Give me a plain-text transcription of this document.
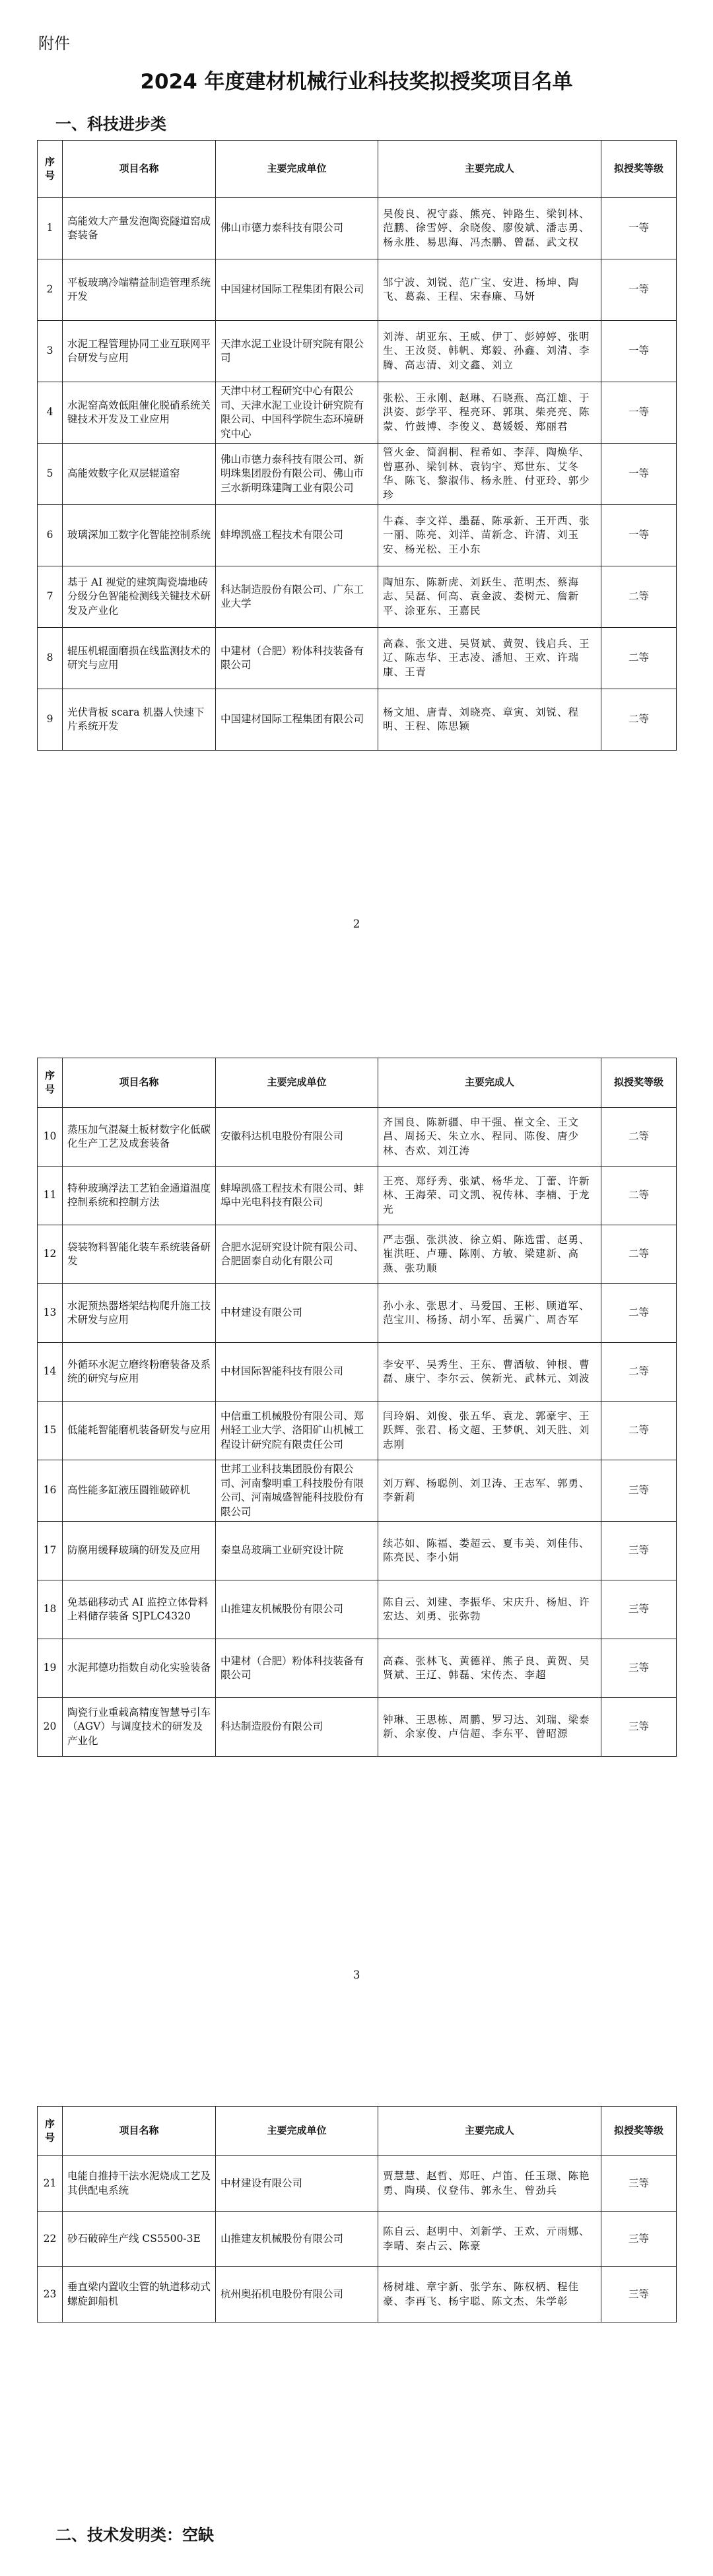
附件
2024 年度建材机械行业科技奖拟授奖项目名单
一、科技进步类
序号	项目名称	主要完成单位	主要完成人	拟授奖等级
1	高能效大产量发泡陶瓷隧道窑成套装备	佛山市德力泰科技有限公司	吴俊良、祝守淼、熊亮、钟路生、梁钊林、范鹏、徐雪婷、余晓俊、廖俊斌、潘志勇、杨永胜、易思海、冯杰鹏、曾磊、武文权	一等
2	平板玻璃冷端精益制造管理系统开发	中国建材国际工程集团有限公司	邹宁波、刘锐、范广宝、安进、杨坤、陶飞、葛淼、王程、宋春廉、马妍	一等
3	水泥工程管理协同工业互联网平台研发与应用	天津水泥工业设计研究院有限公司	刘涛、胡亚东、王威、伊丁、彭婷婷、张明生、王汝贤、韩帆、郑毅、孙鑫、刘清、李腾、高志清、刘文鑫、刘立	一等
4	水泥窑高效低阻催化脱硝系统关键技术开发及工业应用	天津中材工程研究中心有限公司、天津水泥工业设计研究院有限公司、中国科学院生态环境研究中心	张松、王永刚、赵琳、石晓燕、高江雄、于洪姿、彭学平、程亮环、郭琪、柴亮亮、陈蒙、竹鼓博、李俊义、葛媛媛、郑丽君	一等
5	高能效数字化双层辊道窑	佛山市德力泰科技有限公司、新明珠集团股份有限公司、佛山市三水新明珠建陶工业有限公司	管火金、简润桐、程希如、李萍、陶焕华、曾惠孙、梁钊林、袁钧宇、郑世东、艾冬华、陈飞、黎淑伟、杨永胜、付亚玲、郭少珍	一等
6	玻璃深加工数字化智能控制系统	蚌埠凯盛工程技术有限公司	牛森、李文祥、墨磊、陈承新、王开西、张一丽、陈亮、刘洋、苗新念、许清、刘玉安、杨光松、王小东	一等
7	基于 AI 视觉的建筑陶瓷墙地砖分级分色智能检测线关键技术研发及产业化	科达制造股份有限公司、广东工业大学	陶旭东、陈新虎、刘跃生、范明杰、蔡海志、吴磊、何高、袁金波、娄树元、詹新平、涂亚东、王嘉民	二等
8	辊压机辊面磨损在线监测技术的研究与应用	中建材（合肥）粉体科技装备有限公司	高森、张文进、吴贤斌、黄贺、钱启兵、王辽、陈志华、王志凌、潘旭、王欢、许瑞康、王青	二等
9	光伏背板 scara 机器人快速下片系统开发	中国建材国际工程集团有限公司	杨文旭、唐青、刘晓亮、章寅、刘锐、程明、王程、陈思颖	二等
2
序号	项目名称	主要完成单位	主要完成人	拟授奖等级
10	蒸压加气混凝土板材数字化低碳化生产工艺及成套装备	安徽科达机电股份有限公司	齐国良、陈新疆、申干强、崔文全、王文昌、周扬天、朱立水、程同、陈俊、唐少林、杏欢、刘江涛	二等
11	特种玻璃浮法工艺铂金通道温度控制系统和控制方法	蚌埠凯盛工程技术有限公司、蚌埠中光电科技有限公司	王亮、郑纾秀、张斌、杨华龙、丁蕾、许新林、王海荣、司文凯、祝传林、李楠、于龙光	二等
12	袋装物料智能化装车系统装备研发	合肥水泥研究设计院有限公司、合肥固泰自动化有限公司	严志强、张洪波、徐立娟、陈选雷、赵勇、崔洪旺、卢珊、陈刚、方敏、梁建新、高燕、张功顺	二等
13	水泥预热器塔架结构爬升施工技术研发与应用	中材建设有限公司	孙小永、张思才、马爱国、王彬、顾道军、范宝川、杨扬、胡小军、岳翼广、周杏军	二等
14	外循环水泥立磨终粉磨装备及系统的研究与应用	中材国际智能科技有限公司	李安平、吴秀生、王东、曹酒敏、钟根、曹磊、康宁、李尔云、侯新光、武林元、刘波	二等
15	低能耗智能磨机装备研发与应用	中信重工机械股份有限公司、郑州轻工业大学、洛阳矿山机械工程设计研究院有限责任公司	闫玲娟、刘俊、张五华、袁龙、郭豪宇、王跃辉、张君、杨文超、王梦帆、刘天胜、刘志刚	二等
16	高性能多缸液压圆锥破碎机	世邦工业科技集团股份有限公司、河南黎明重工科技股份有限公司、河南城盛智能科技股份有限公司	刘万辉、杨聪例、刘卫涛、王志军、郭勇、李新莉	三等
17	防腐用缓释玻璃的研发及应用	秦皇岛玻璃工业研究设计院	续芯如、陈福、娄超云、夏韦美、刘佳伟、陈亮民、李小娟	三等
18	免基础移动式 AI 监控立体骨料上料储存装备 SJPLC4320	山推建友机械股份有限公司	陈自云、刘建、李振华、宋庆升、杨旭、许宏达、刘勇、张弥勃	三等
19	水泥邦德功指数自动化实验装备	中建材（合肥）粉体科技装备有限公司	高森、张林飞、黄德祥、熊子良、黄贺、吴贤斌、王辽、韩磊、宋传杰、李超	三等
20	陶瓷行业重载高精度智慧导引车（AGV）与调度技术的研发及产业化	科达制造股份有限公司	钟琳、王思栋、周鹏、罗习达、刘瑞、梁泰新、余家俊、卢信超、李东平、曾昭源	三等
3
序号	项目名称	主要完成单位	主要完成人	拟授奖等级
21	电能自推持干法水泥烧成工艺及其供配电系统	中材建设有限公司	贾慧慧、赵哲、郑旺、卢笛、任玉璟、陈艳勇、陶瑛、仪登伟、郭永生、曾劲兵	三等
22	砂石破碎生产线 CS5500-3E	山推建友机械股份有限公司	陈自云、赵明中、刘新学、王欢、亓雨娜、李晴、秦占云、陈豪	三等
23	垂直梁内置收尘管的轨道移动式螺旋卸船机	杭州奥拓机电股份有限公司	杨树雄、章宇新、张学东、陈权柄、程佳豪、李再飞、杨宇聪、陈文杰、朱学彰	三等
二、技术发明类：空缺
